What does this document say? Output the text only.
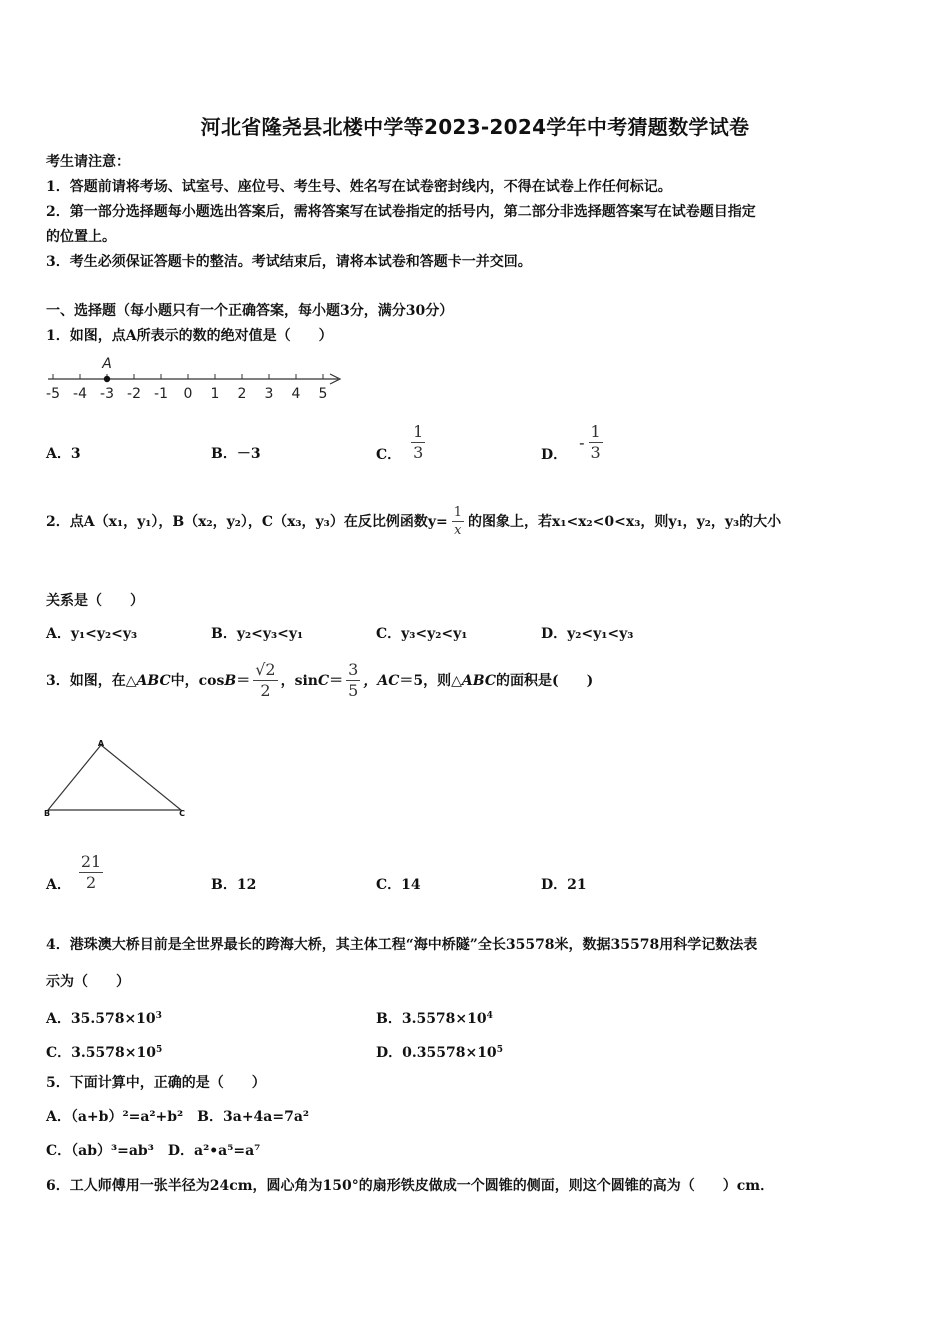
河北省隆尧县北楼中学等2023-2024学年中考猜题数学试卷
考生请注意：
1．答题前请将考场、试室号、座位号、考生号、姓名写在试卷密封线内，不得在试卷上作任何标记。
2．第一部分选择题每小题选出答案后，需将答案写在试卷指定的括号内，第二部分非选择题答案写在试卷题目指定
的位置上。
3．考生必须保证答题卡的整洁。考试结束后，请将本试卷和答题卡一并交回。
一、选择题（每小题只有一个正确答案，每小题3分，满分30分）
1．如图，点A所表示的数的绝对值是（　　）
-5 -4 -3 -2 -1 0 1 2 3 4 5
A
A．3	B．－3	C． $\frac{1}{3}$	D．
- $\frac{1}{3}$
2．点A（x₁，y₁），B（x₂，y₂），C（x₃，y₃）在反比例函数$y= \frac{1}{x}$ 的图象上，若x₁<x₂<0<x₃，则y₁，y₂，y₃的大小
关系是（　　）
A．y₁<y₂<y₃	B．y₂<y₃<y₁	C．y₃<y₂<y₁	D．y₂<y₁<y₃
3．如图，在△ ABC 中，$\cos B = \frac{√2}{2}$ ，$\sin C = \frac{3}{5}$ ，AC ＝5，则△ ABC 的面积是(　　)
A
B	C
A． $\frac{21}{2}$	B．12	C．14	D．21
4．港珠澳大桥目前是全世界最长的跨海大桥，其主体工程“海中桥隧”全长35578米，数据35578用科学记数法表
示为（　　）
A．$35.578\times 10^3$	B．$3.5578\times 10^4$
C．$3.5578\times 10^5$	D．$0.35578\times 10^5$
5．下面计算中，正确的是（　　）
A．（a+b）²=a²+b²　B．3a+4a=7a²
C．（ab）³=ab³　D．a²•a⁵=a⁷
6．工人师傅用一张半径为24cm，圆心角为150°的扇形铁皮做成一个圆锥的侧面，则这个圆锥的高为（　　）cm．
